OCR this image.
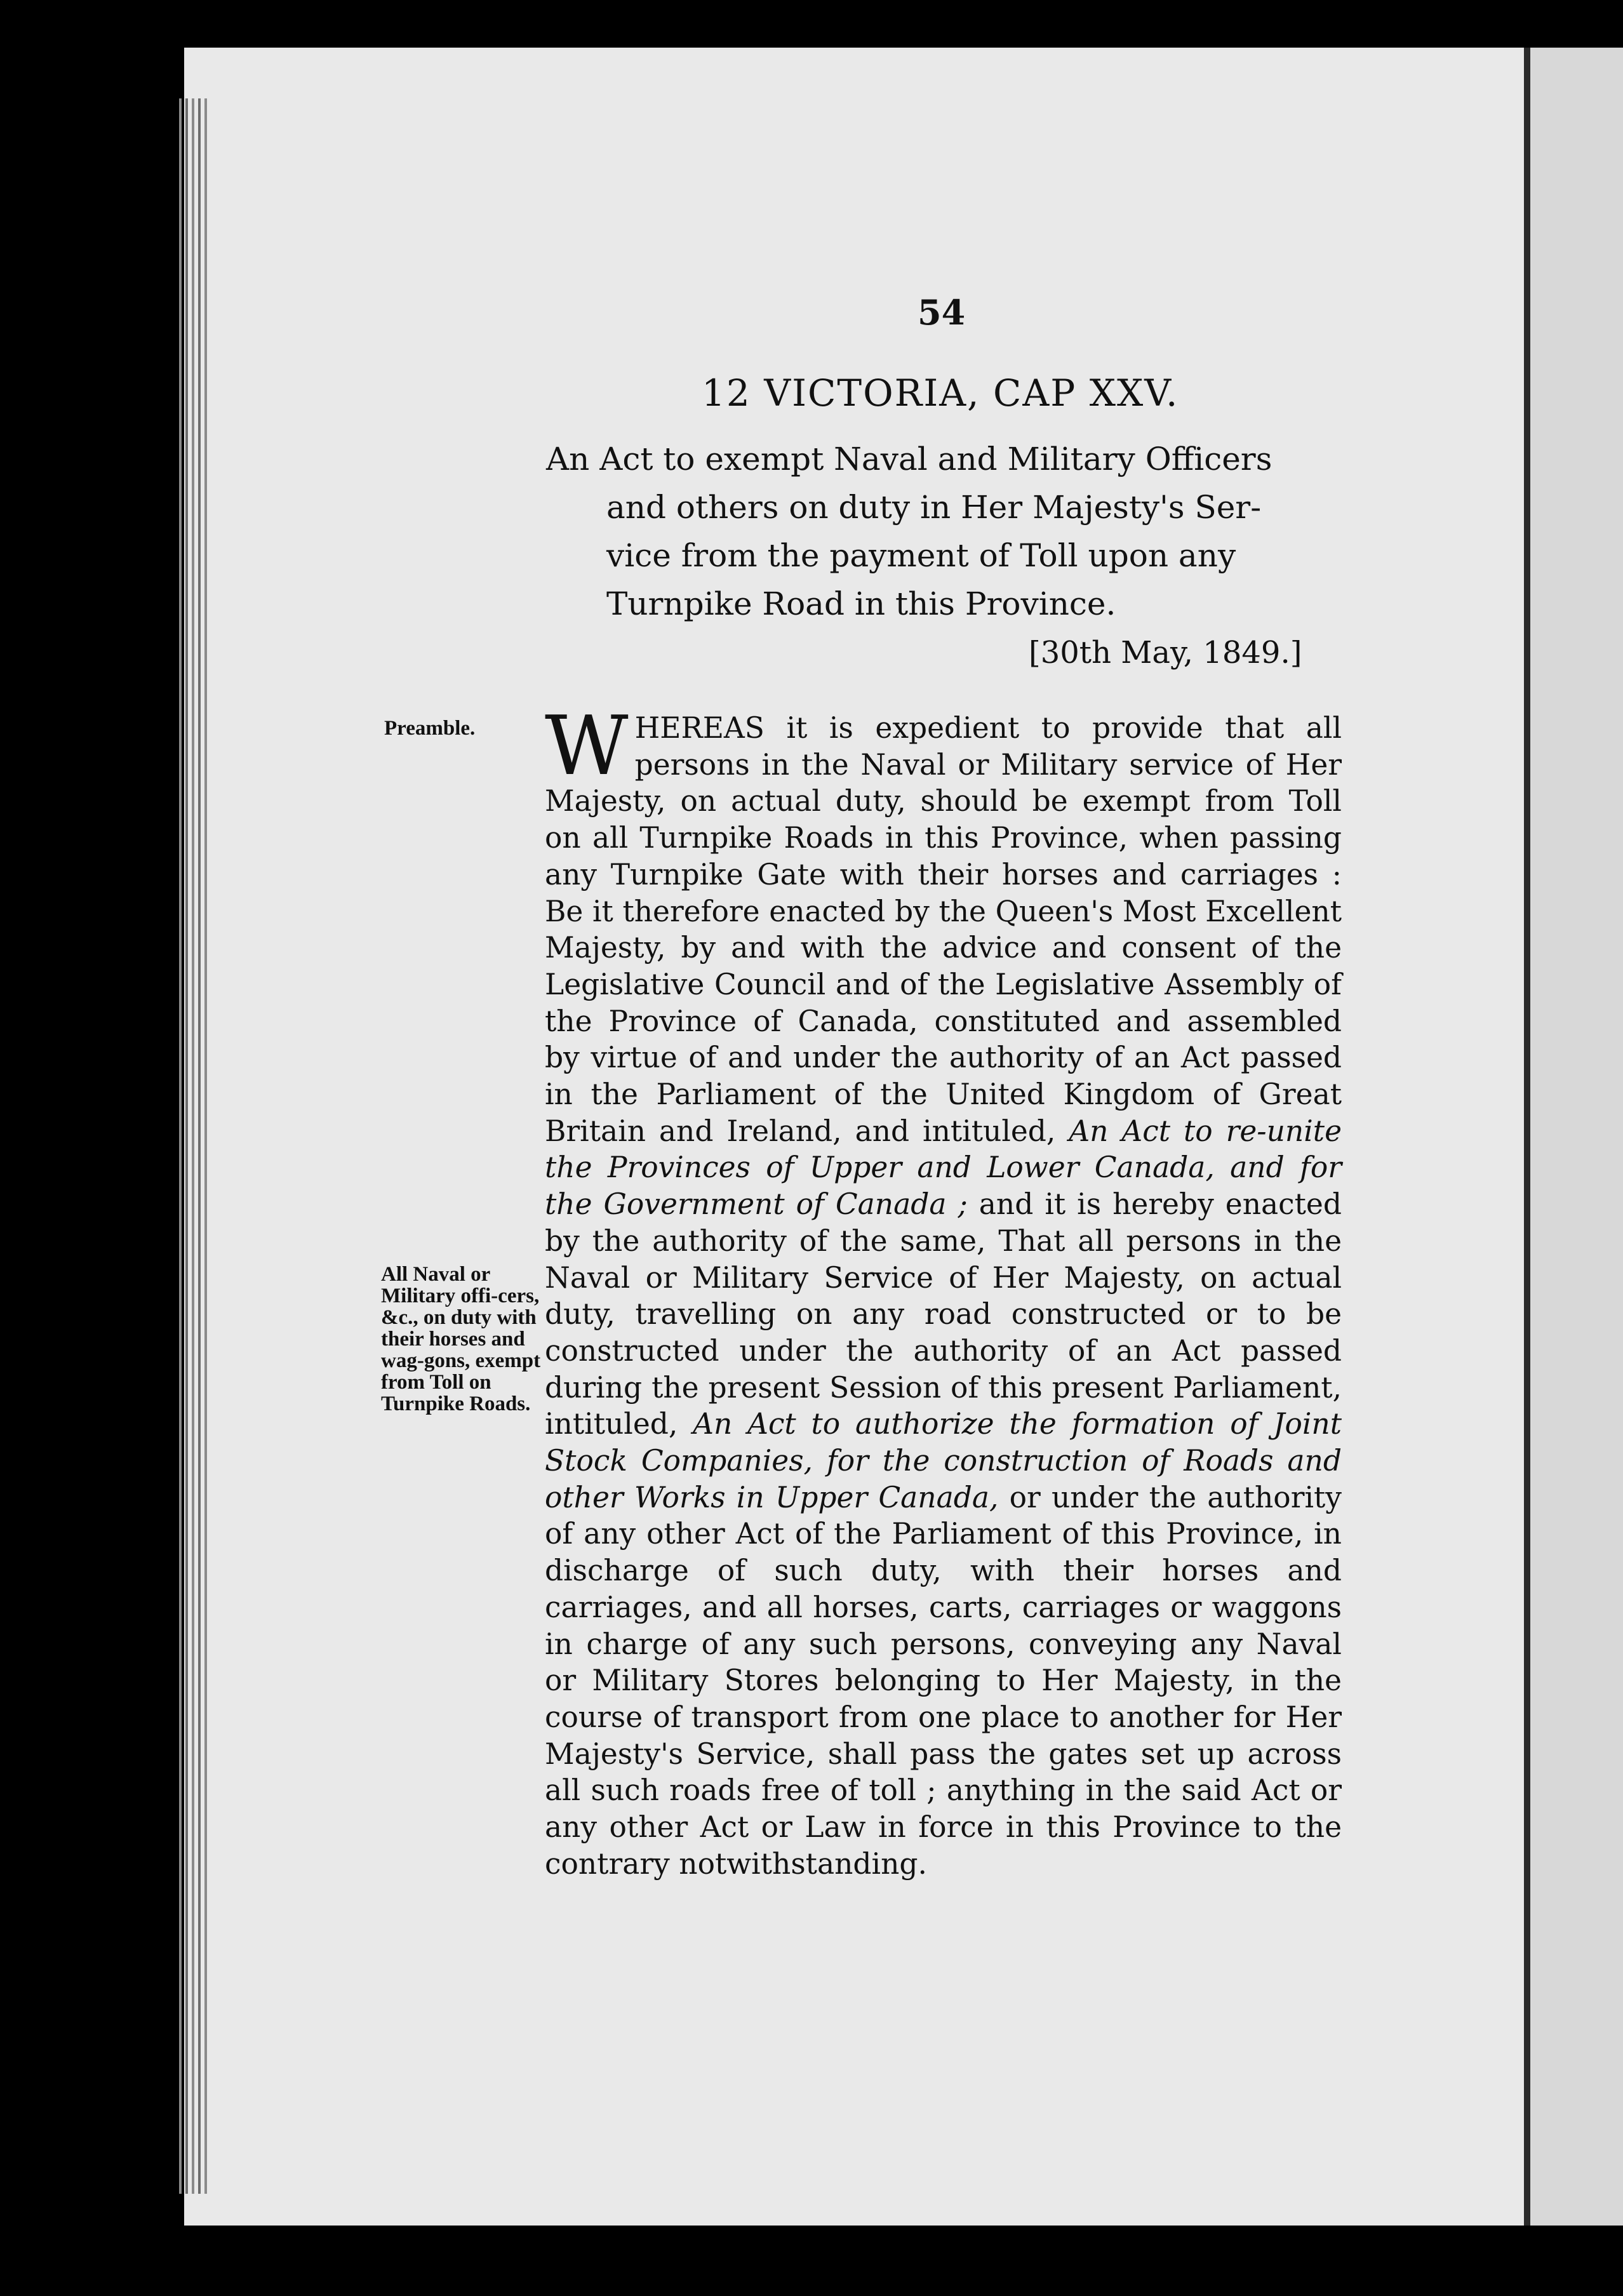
54

12 VICTORIA, CAP XXV.

An Act to exempt Naval and Military Officers
and others on duty in Her Majesty's Ser-
vice from the payment of Toll upon any
Turnpike Road in this Province.

[30th May, 1849.]

Preamble.
All Naval or Military offi-cers, &c., on duty with their horses and wag-gons, exempt from Toll on Turnpike Roads.

WHEREAS it is expedient to provide that all persons in the Naval or Military service of Her Majesty, on actual duty, should be exempt from Toll on all Turnpike Roads in this Province, when passing any Turnpike Gate with their horses and carriages : Be it therefore enacted by the Queen's Most Excellent Majesty, by and with the advice and consent of the Legislative Council and of the Legislative Assembly of the Province of Canada, constituted and assembled by virtue of and under the authority of an Act passed in the Parliament of the United Kingdom of Great Britain and Ireland, and intituled, An Act to re-unite the Provinces of Upper and Lower Canada, and for the Government of Canada ; and it is hereby enacted by the authority of the same, That all persons in the Naval or Military Service of Her Majesty, on actual duty, travelling on any road constructed or to be constructed under the authority of an Act passed during the present Session of this present Parliament, intituled, An Act to authorize the formation of Joint Stock Companies, for the construction of Roads and other Works in Upper Canada, or under the authority of any other Act of the Parliament of this Province, in discharge of such duty, with their horses and carriages, and all horses, carts, carriages or waggons in charge of any such persons, conveying any Naval or Military Stores belonging to Her Majesty, in the course of transport from one place to another for Her Majesty's Service, shall pass the gates set up across all such roads free of toll ; anything in the said Act or any other Act or Law in force in this Province to the contrary notwithstanding.
